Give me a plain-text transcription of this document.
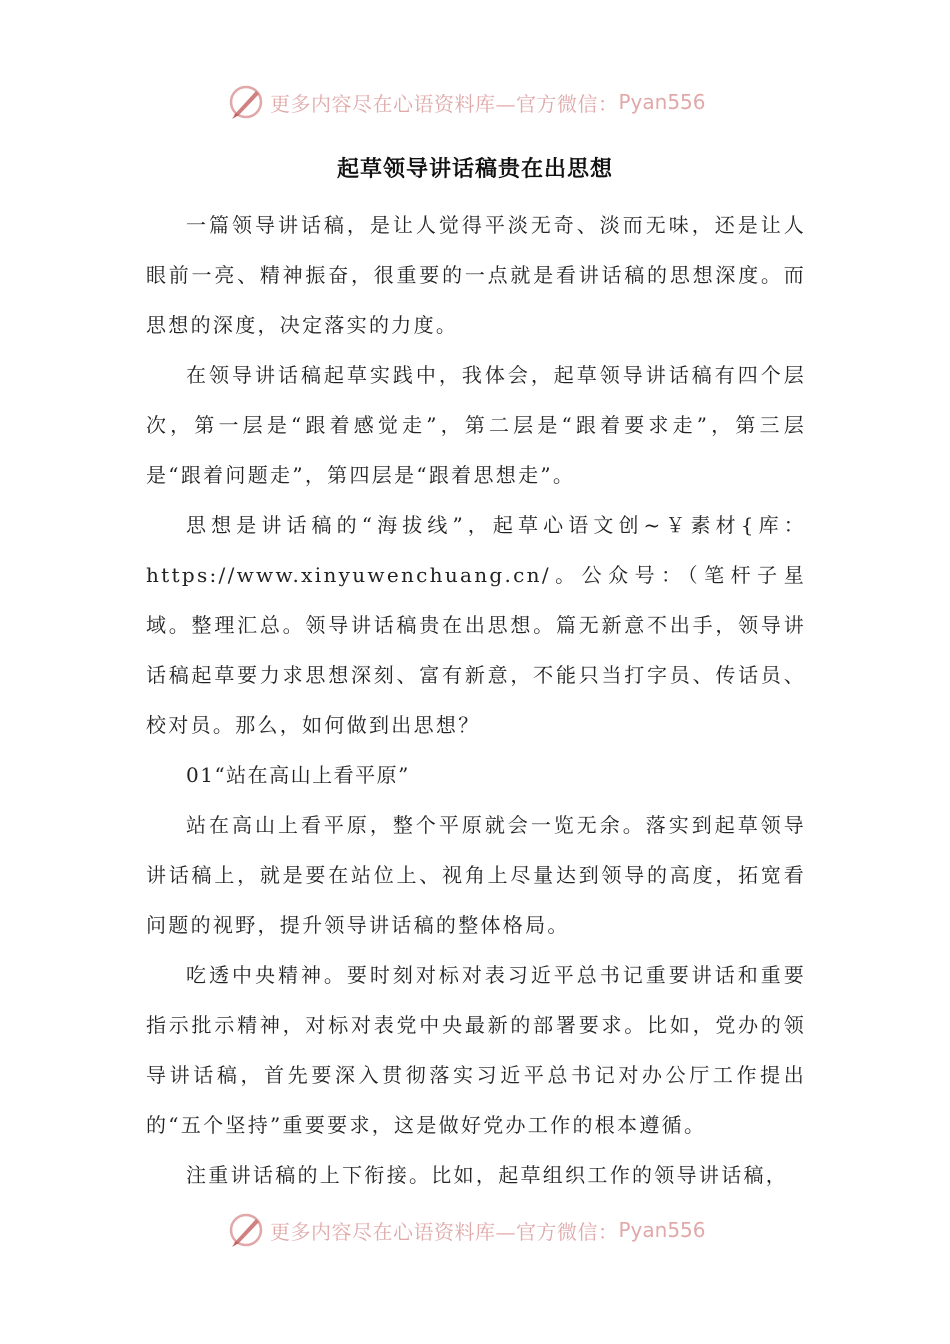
更多内容尽在心语资料库—官方微信： Pyan556
起草领导讲话稿贵在出思想

一篇领导讲话稿，是让人觉得平淡无奇、淡而无味，还是让人眼前一亮、精神振奋，很重要的一点就是看讲话稿的思想深度。而思想的深度，决定落实的力度。

在领导讲话稿起草实践中，我体会，起草领导讲话稿有四个层次，第一层是“跟着感觉走”，第二层是“跟着要求走”，第三层是“跟着问题走”，第四层是“跟着思想走”。

思想是讲话稿的“海拔线”，起草心语文创~￥素材{库：https://www.xinyuwenchuang.cn/。公众号：（笔杆子星域。整理汇总。领导讲话稿贵在出思想。篇无新意不出手，领导讲话稿起草要力求思想深刻、富有新意，不能只当打字员、传话员、校对员。那么，如何做到出思想？

01“站在高山上看平原”

站在高山上看平原，整个平原就会一览无余。落实到起草领导讲话稿上，就是要在站位上、视角上尽量达到领导的高度，拓宽看问题的视野，提升领导讲话稿的整体格局。

吃透中央精神。要时刻对标对表习近平总书记重要讲话和重要指示批示精神，对标对表党中央最新的部署要求。比如，党办的领导讲话稿，首先要深入贯彻落实习近平总书记对办公厅工作提出的“五个坚持”重要要求，这是做好党办工作的根本遵循。

注重讲话稿的上下衔接。比如，起草组织工作的领导讲话稿，

更多内容尽在心语资料库—官方微信： Pyan556
